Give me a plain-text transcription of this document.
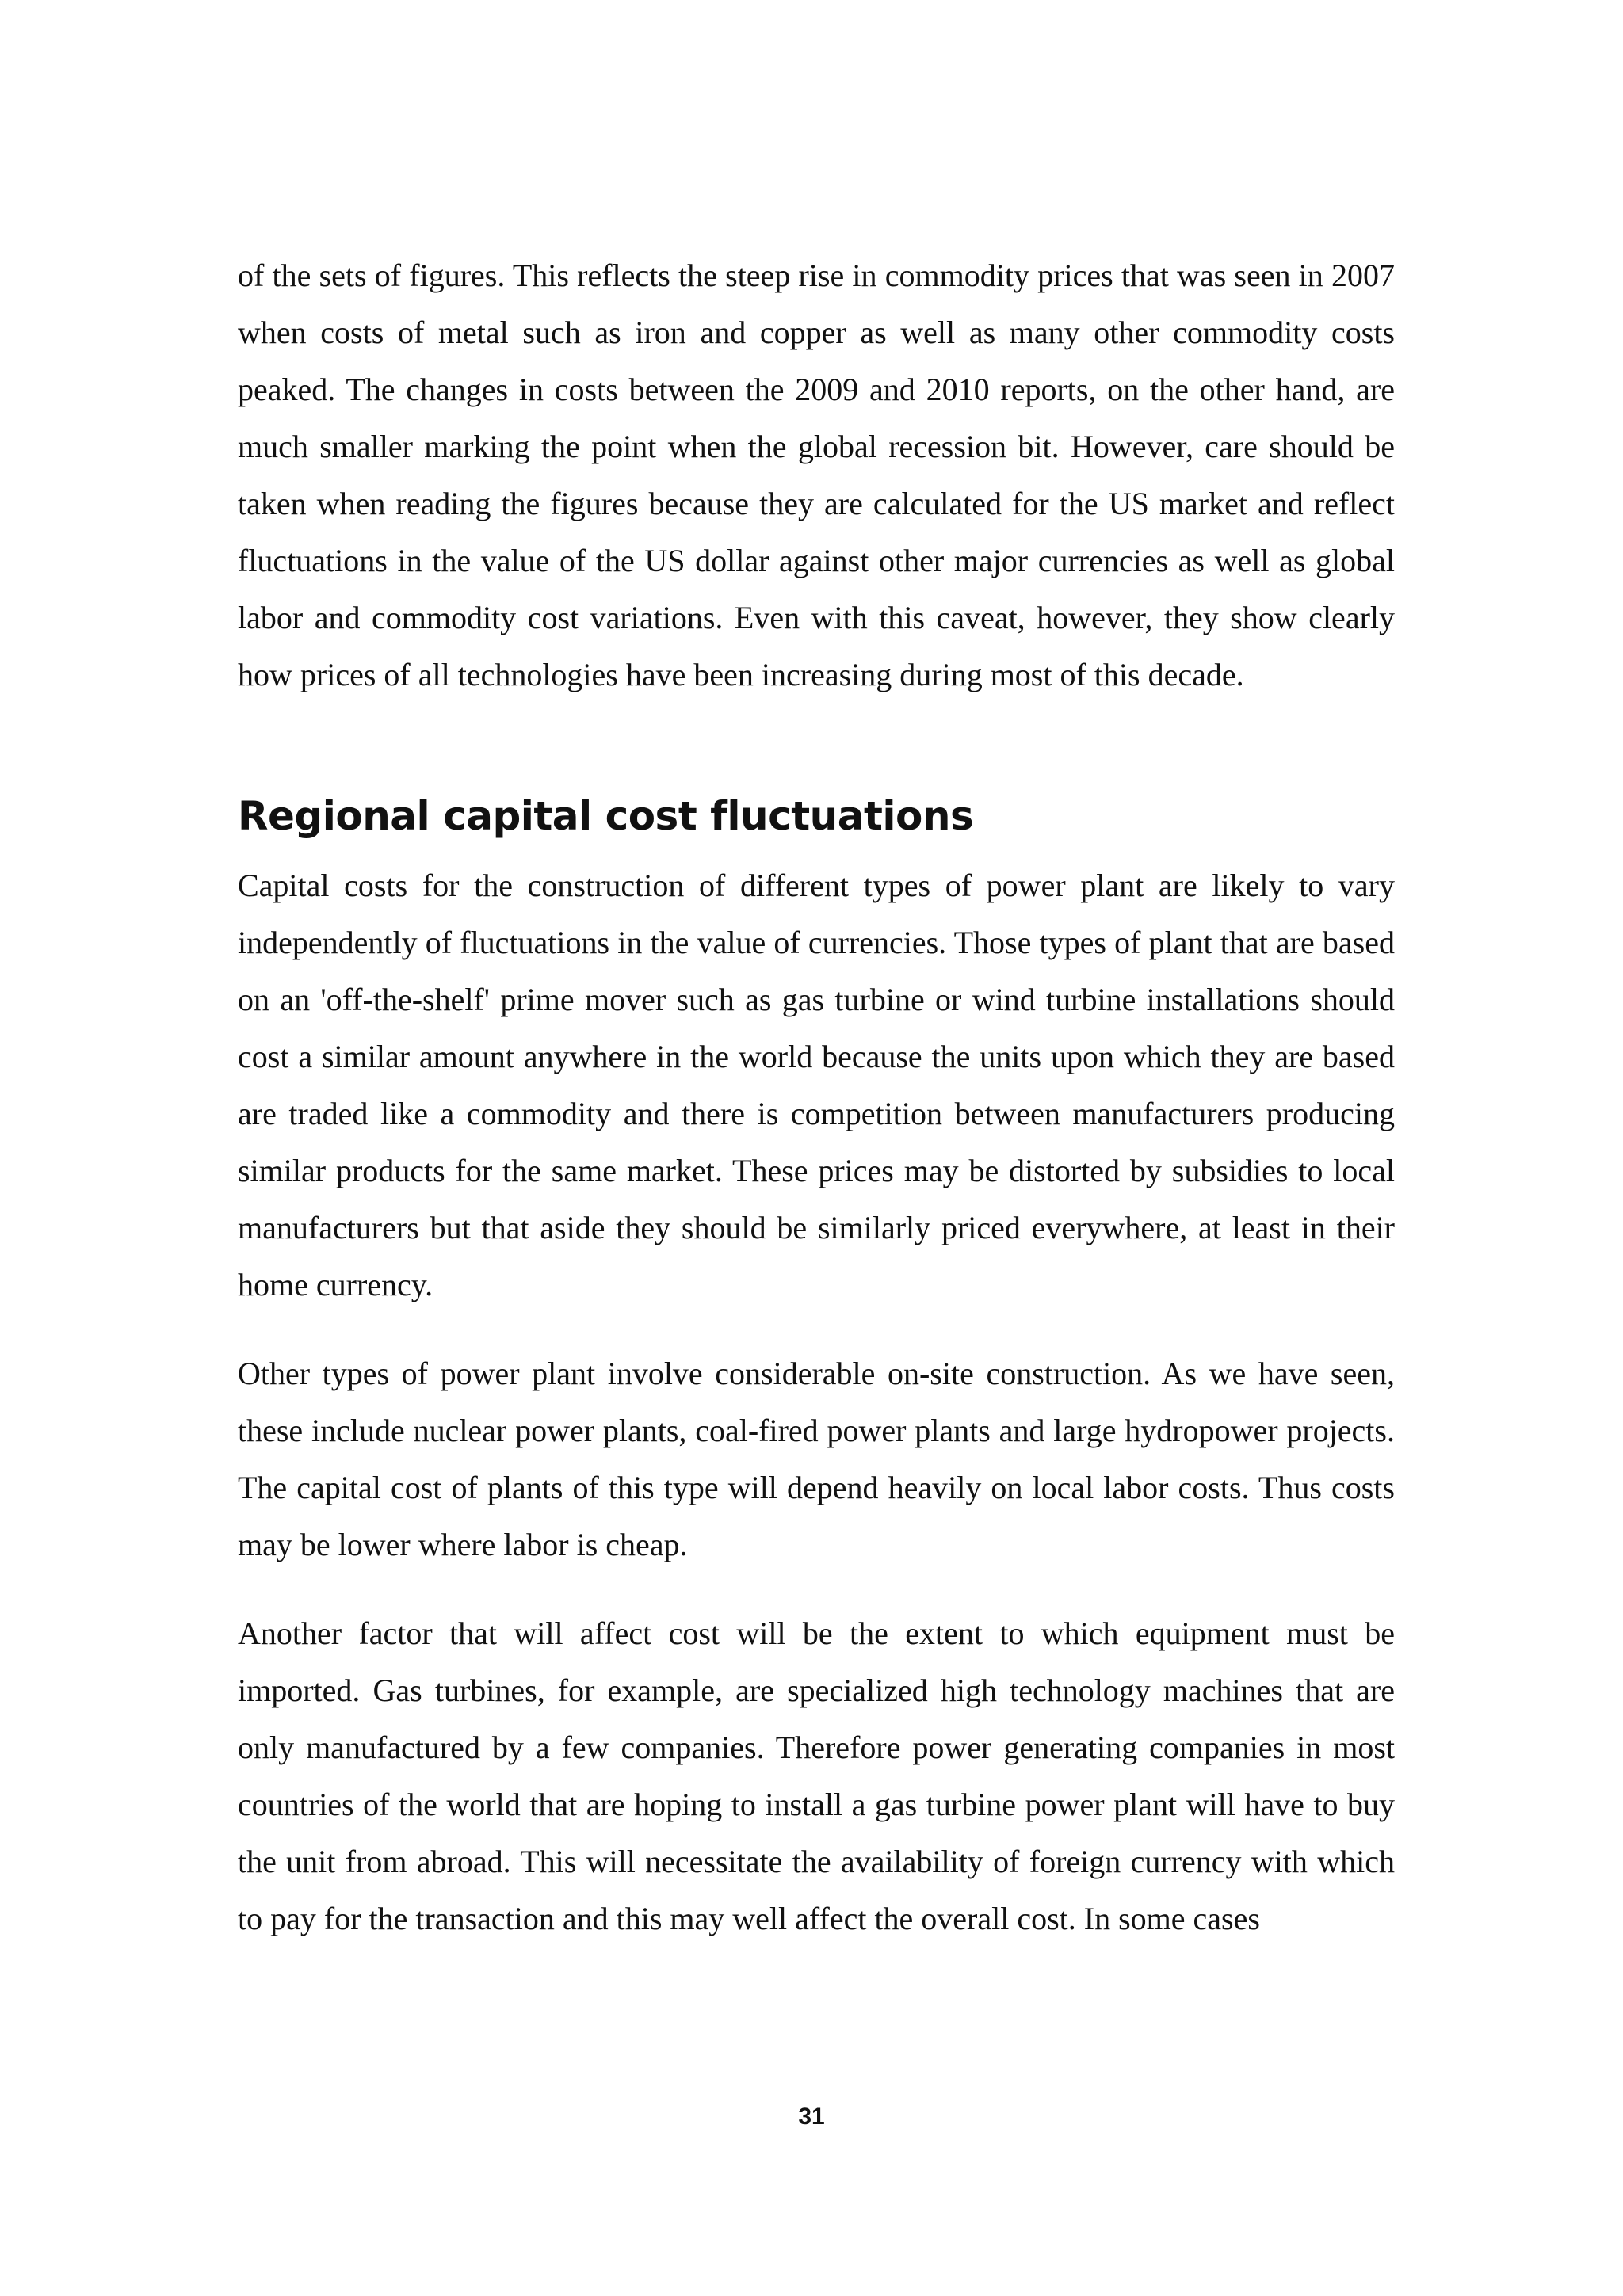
of the sets of figures. This reflects the steep rise in commodity prices that was seen in 2007 when costs of metal such as iron and copper as well as many other commodity costs peaked. The changes in costs between the 2009 and 2010 reports, on the other hand, are much smaller marking the point when the global recession bit. However, care should be taken when reading the figures because they are calculated for the US market and reflect fluctuations in the value of the US dollar against other major currencies as well as global labor and commodity cost variations. Even with this caveat, however, they show clearly how prices of all technologies have been increasing during most of this decade.

Regional capital cost fluctuations

Capital costs for the construction of different types of power plant are likely to vary independently of fluctuations in the value of currencies. Those types of plant that are based on an 'off-the-shelf' prime mover such as gas turbine or wind turbine installations should cost a similar amount anywhere in the world because the units upon which they are based are traded like a commodity and there is competition between manufacturers producing similar products for the same market. These prices may be distorted by subsidies to local manufacturers but that aside they should be similarly priced everywhere, at least in their home currency.

Other types of power plant involve considerable on-site construction. As we have seen, these include nuclear power plants, coal-fired power plants and large hydropower projects. The capital cost of plants of this type will depend heavily on local labor costs. Thus costs may be lower where labor is cheap.

Another factor that will affect cost will be the extent to which equipment must be imported. Gas turbines, for example, are specialized high technology machines that are only manufactured by a few companies. Therefore power generating companies in most countries of the world that are hoping to install a gas turbine power plant will have to buy the unit from abroad. This will necessitate the availability of foreign currency with which to pay for the transaction and this may well affect the overall cost. In some cases

31
